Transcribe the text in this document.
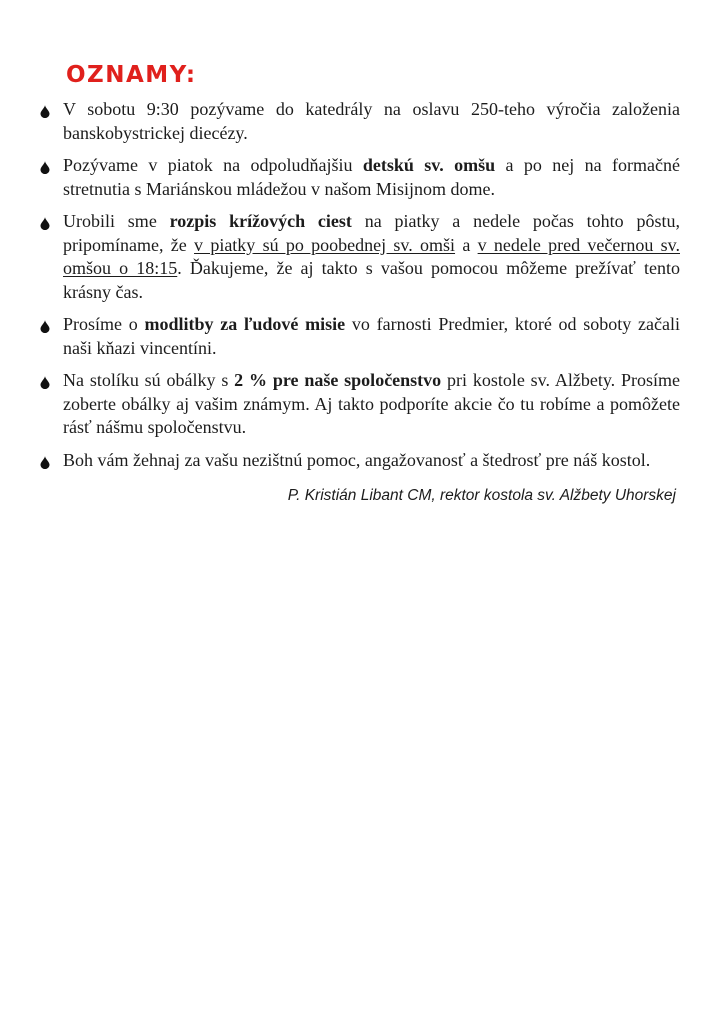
OZNAMY:
V sobotu 9:30 pozývame do katedrály na oslavu 250-teho výročia založenia banskobystrickej diecézy.
Pozývame v piatok na odpoludňajšiu detskú sv. omšu a po nej na formačné stretnutia s Mariánskou mládežou v našom Misijnom dome.
Urobili sme rozpis krížových ciest na piatky a nedele počas tohto pôstu, pripomíname, že v piatky sú po poobednej sv. omši a v nedele pred večernou sv. omšou o 18:15. Ďakujeme, že aj takto s vašou pomocou môžeme prežívať tento krásny čas.
Prosíme o modlitby za ľudové misie vo farnosti Predmier, ktoré od soboty začali naši kňazi vincentíni.
Na stolíku sú obálky s 2 % pre naše spoločenstvo pri kostole sv. Alžbety. Prosíme zoberte obálky aj vašim známym. Aj takto podporíte akcie čo tu robíme a pomôžete rásť nášmu spoločenstvu.
Boh vám žehnaj za vašu nezištnú pomoc, angažovanosť a štedrosť pre náš kostol.
P. Kristián Libant CM, rektor kostola sv. Alžbety Uhorskej
